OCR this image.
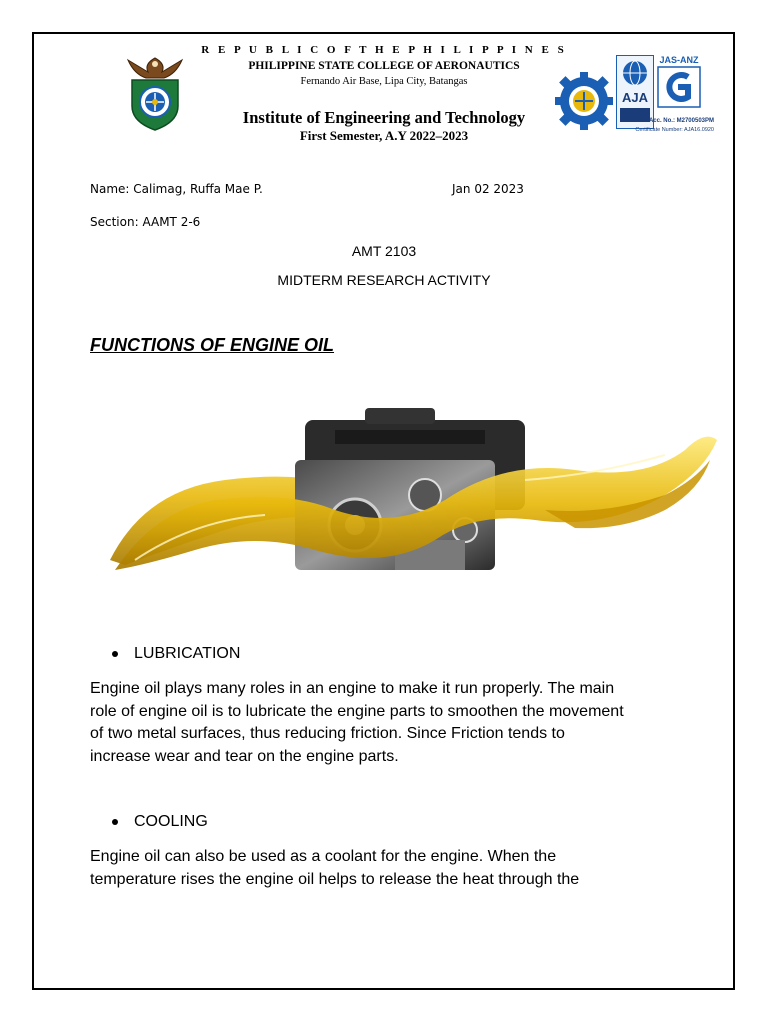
AJA
JAS-ANZ
Acc. No.: M2700503PM
Certificate Number: AJA16.0920
R E P U B L I C O F T H E P H I L I P P I N E S
PHILIPPINE STATE COLLEGE OF AERONAUTICS
Fernando Air Base, Lipa City, Batangas
Institute of Engineering and Technology
First Semester, A.Y 2022–2023
Name: Calimag, Ruffa Mae P.	Jan 02 2023
Section: AAMT 2-6
AMT 2103
MIDTERM RESEARCH ACTIVITY
FUNCTIONS OF ENGINE OIL
LUBRICATION
Engine oil plays many roles in an engine to make it run properly. The main
role of engine oil is to lubricate the engine parts to smoothen the movement
of two metal surfaces, thus reducing friction. Since Friction tends to
increase wear and tear on the engine parts.
COOLING
Engine oil can also be used as a coolant for the engine. When the
temperature rises the engine oil helps to release the heat through the
